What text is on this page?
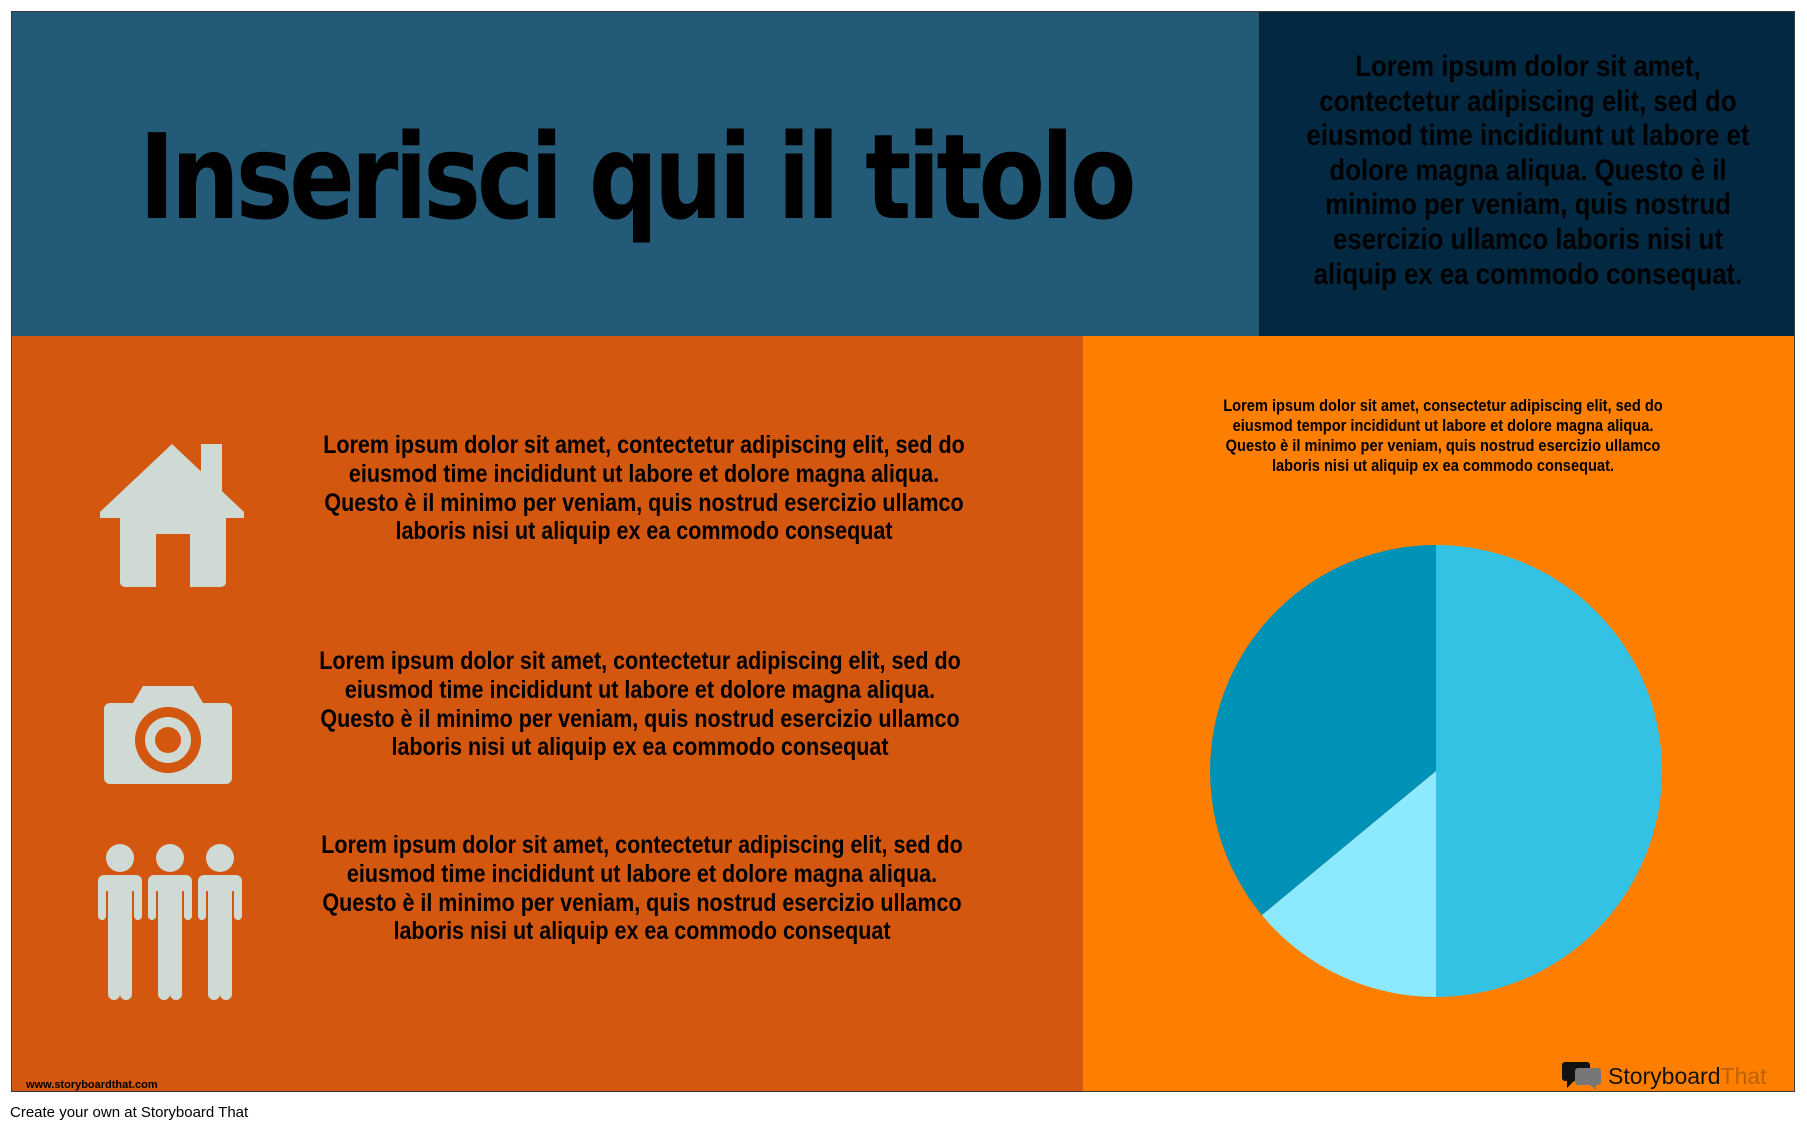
Inserisci qui il titolo

Lorem ipsum dolor sit amet, contectetur adipiscing elit, sed do eiusmod time incididunt ut labore et dolore magna aliqua. Questo è il minimo per veniam, quis nostrud esercizio ullamco laboris nisi ut aliquip ex ea commodo consequat.

Lorem ipsum dolor sit amet, contectetur adipiscing elit, sed do eiusmod time incididunt ut labore et dolore magna aliqua. Questo è il minimo per veniam, quis nostrud esercizio ullamco laboris nisi ut aliquip ex ea commodo consequat
Lorem ipsum dolor sit amet, contectetur adipiscing elit, sed do eiusmod time incididunt ut labore et dolore magna aliqua. Questo è il minimo per veniam, quis nostrud esercizio ullamco laboris nisi ut aliquip ex ea commodo consequat
Lorem ipsum dolor sit amet, contectetur adipiscing elit, sed do eiusmod time incididunt ut labore et dolore magna aliqua. Questo è il minimo per veniam, quis nostrud esercizio ullamco laboris nisi ut aliquip ex ea commodo consequat
www.storyboardthat.com
Lorem ipsum dolor sit amet, consectetur adipiscing elit, sed do eiusmod tempor incididunt ut labore et dolore magna aliqua. Questo è il minimo per veniam, quis nostrud esercizio ullamco laboris nisi ut aliquip ex ea commodo consequat.
StoryboardThat
Create your own at Storyboard That
